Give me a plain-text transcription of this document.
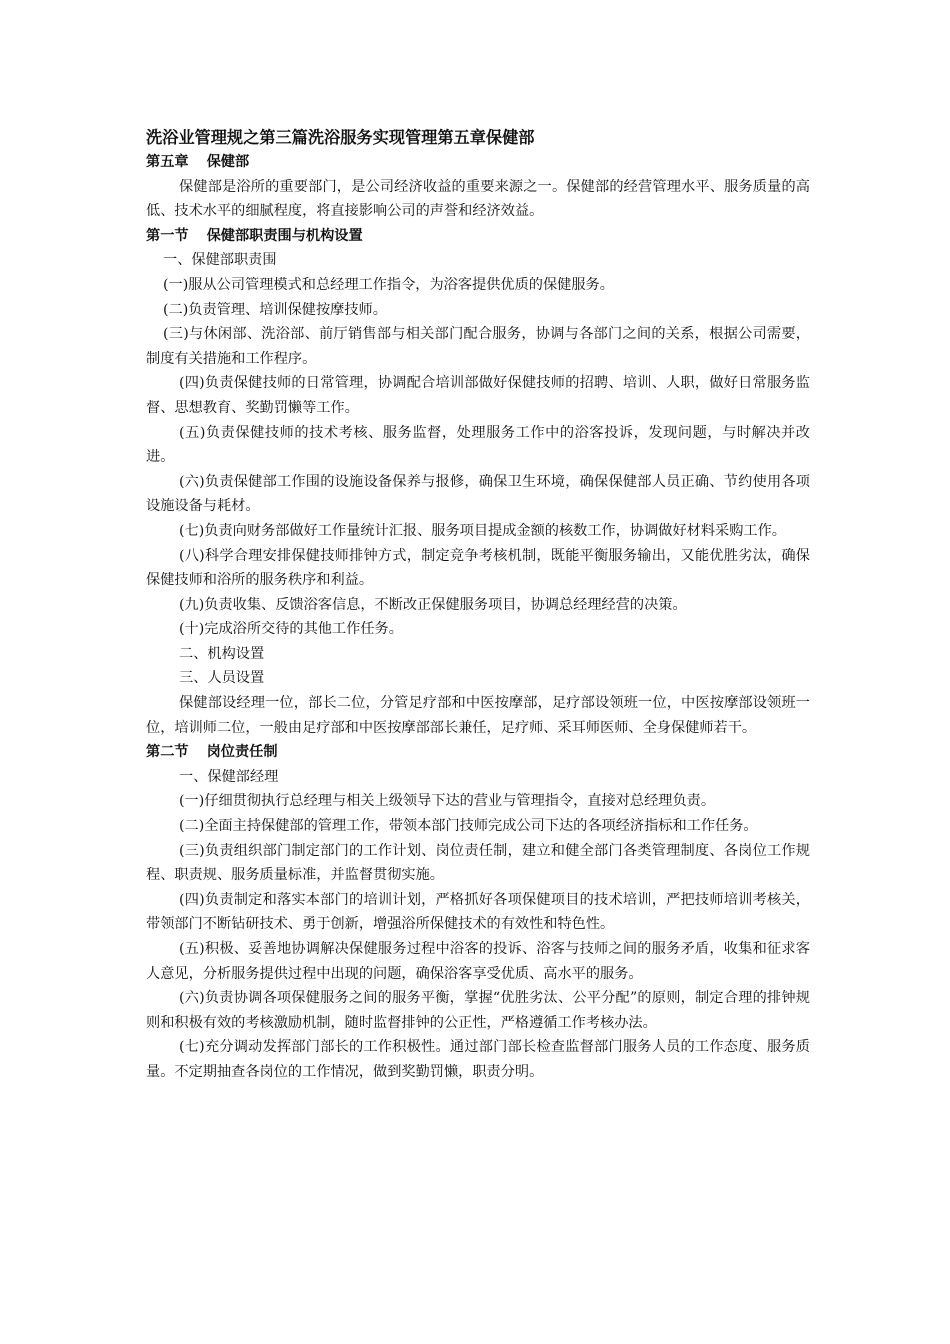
洗浴业管理规之第三篇洗浴服务实现管理第五章保健部

第五章 保健部

保健部是浴所的重要部门，是公司经济收益的重要来源之一。保健部的经营管理水平、服务质量的高低、技术水平的细腻程度，将直接影响公司的声誉和经济效益。

第一节 保健部职责围与机构设置

一、保健部职责围

(一)服从公司管理模式和总经理工作指令，为浴客提供优质的保健服务。

(二)负责管理、培训保健按摩技师。

(三)与休闲部、洗浴部、前厅销售部与相关部门配合服务，协调与各部门之间的关系，根据公司需要，制度有关措施和工作程序。

(四)负责保健技师的日常管理，协调配合培训部做好保健技师的招聘、培训、人职，做好日常服务监督、思想教育、奖勤罚懒等工作。

(五)负责保健技师的技术考核、服务监督，处理服务工作中的浴客投诉，发现问题，与时解决并改进。

(六)负责保健部工作围的设施设备保养与报修，确保卫生环境，确保保健部人员正确、节约使用各项设施设备与耗材。

(七)负责向财务部做好工作量统计汇报、服务项目提成金额的核数工作，协调做好材料采购工作。

(八)科学合理安排保健技师排钟方式，制定竞争考核机制，既能平衡服务输出，又能优胜劣汰，确保保健技师和浴所的服务秩序和利益。

(九)负责收集、反馈浴客信息，不断改正保健服务项目，协调总经理经营的决策。

(十)完成浴所交待的其他工作任务。

二、机构设置

三、人员设置

保健部设经理一位，部长二位，分管足疗部和中医按摩部，足疗部设领班一位，中医按摩部设领班一位，培训师二位，一般由足疗部和中医按摩部部长兼任，足疗师、采耳师医师、全身保健师若干。

第二节 岗位责任制

一、保健部经理

(一)仔细贯彻执行总经理与相关上级领导下达的营业与管理指令，直接对总经理负责。

(二)全面主持保健部的管理工作，带领本部门技师完成公司下达的各项经济指标和工作任务。

(三)负责组织部门制定部门的工作计划、岗位责任制，建立和健全部门各类管理制度、各岗位工作规程、职责规、服务质量标准，并监督贯彻实施。

(四)负责制定和落实本部门的培训计划，严格抓好各项保健项目的技术培训，严把技师培训考核关，带领部门不断钻研技术、勇于创新，增强浴所保健技术的有效性和特色性。

(五)积极、妥善地协调解决保健服务过程中浴客的投诉、浴客与技师之间的服务矛盾，收集和征求客人意见，分析服务提供过程中出现的问题，确保浴客享受优质、高水平的服务。

(六)负责协调各项保健服务之间的服务平衡，掌握“优胜劣汰、公平分配”的原则，制定合理的排钟规则和积极有效的考核激励机制，随时监督排钟的公正性，严格遵循工作考核办法。

(七)充分调动发挥部门部长的工作积极性。通过部门部长检查监督部门服务人员的工作态度、服务质量。不定期抽查各岗位的工作情况，做到奖勤罚懒，职责分明。
